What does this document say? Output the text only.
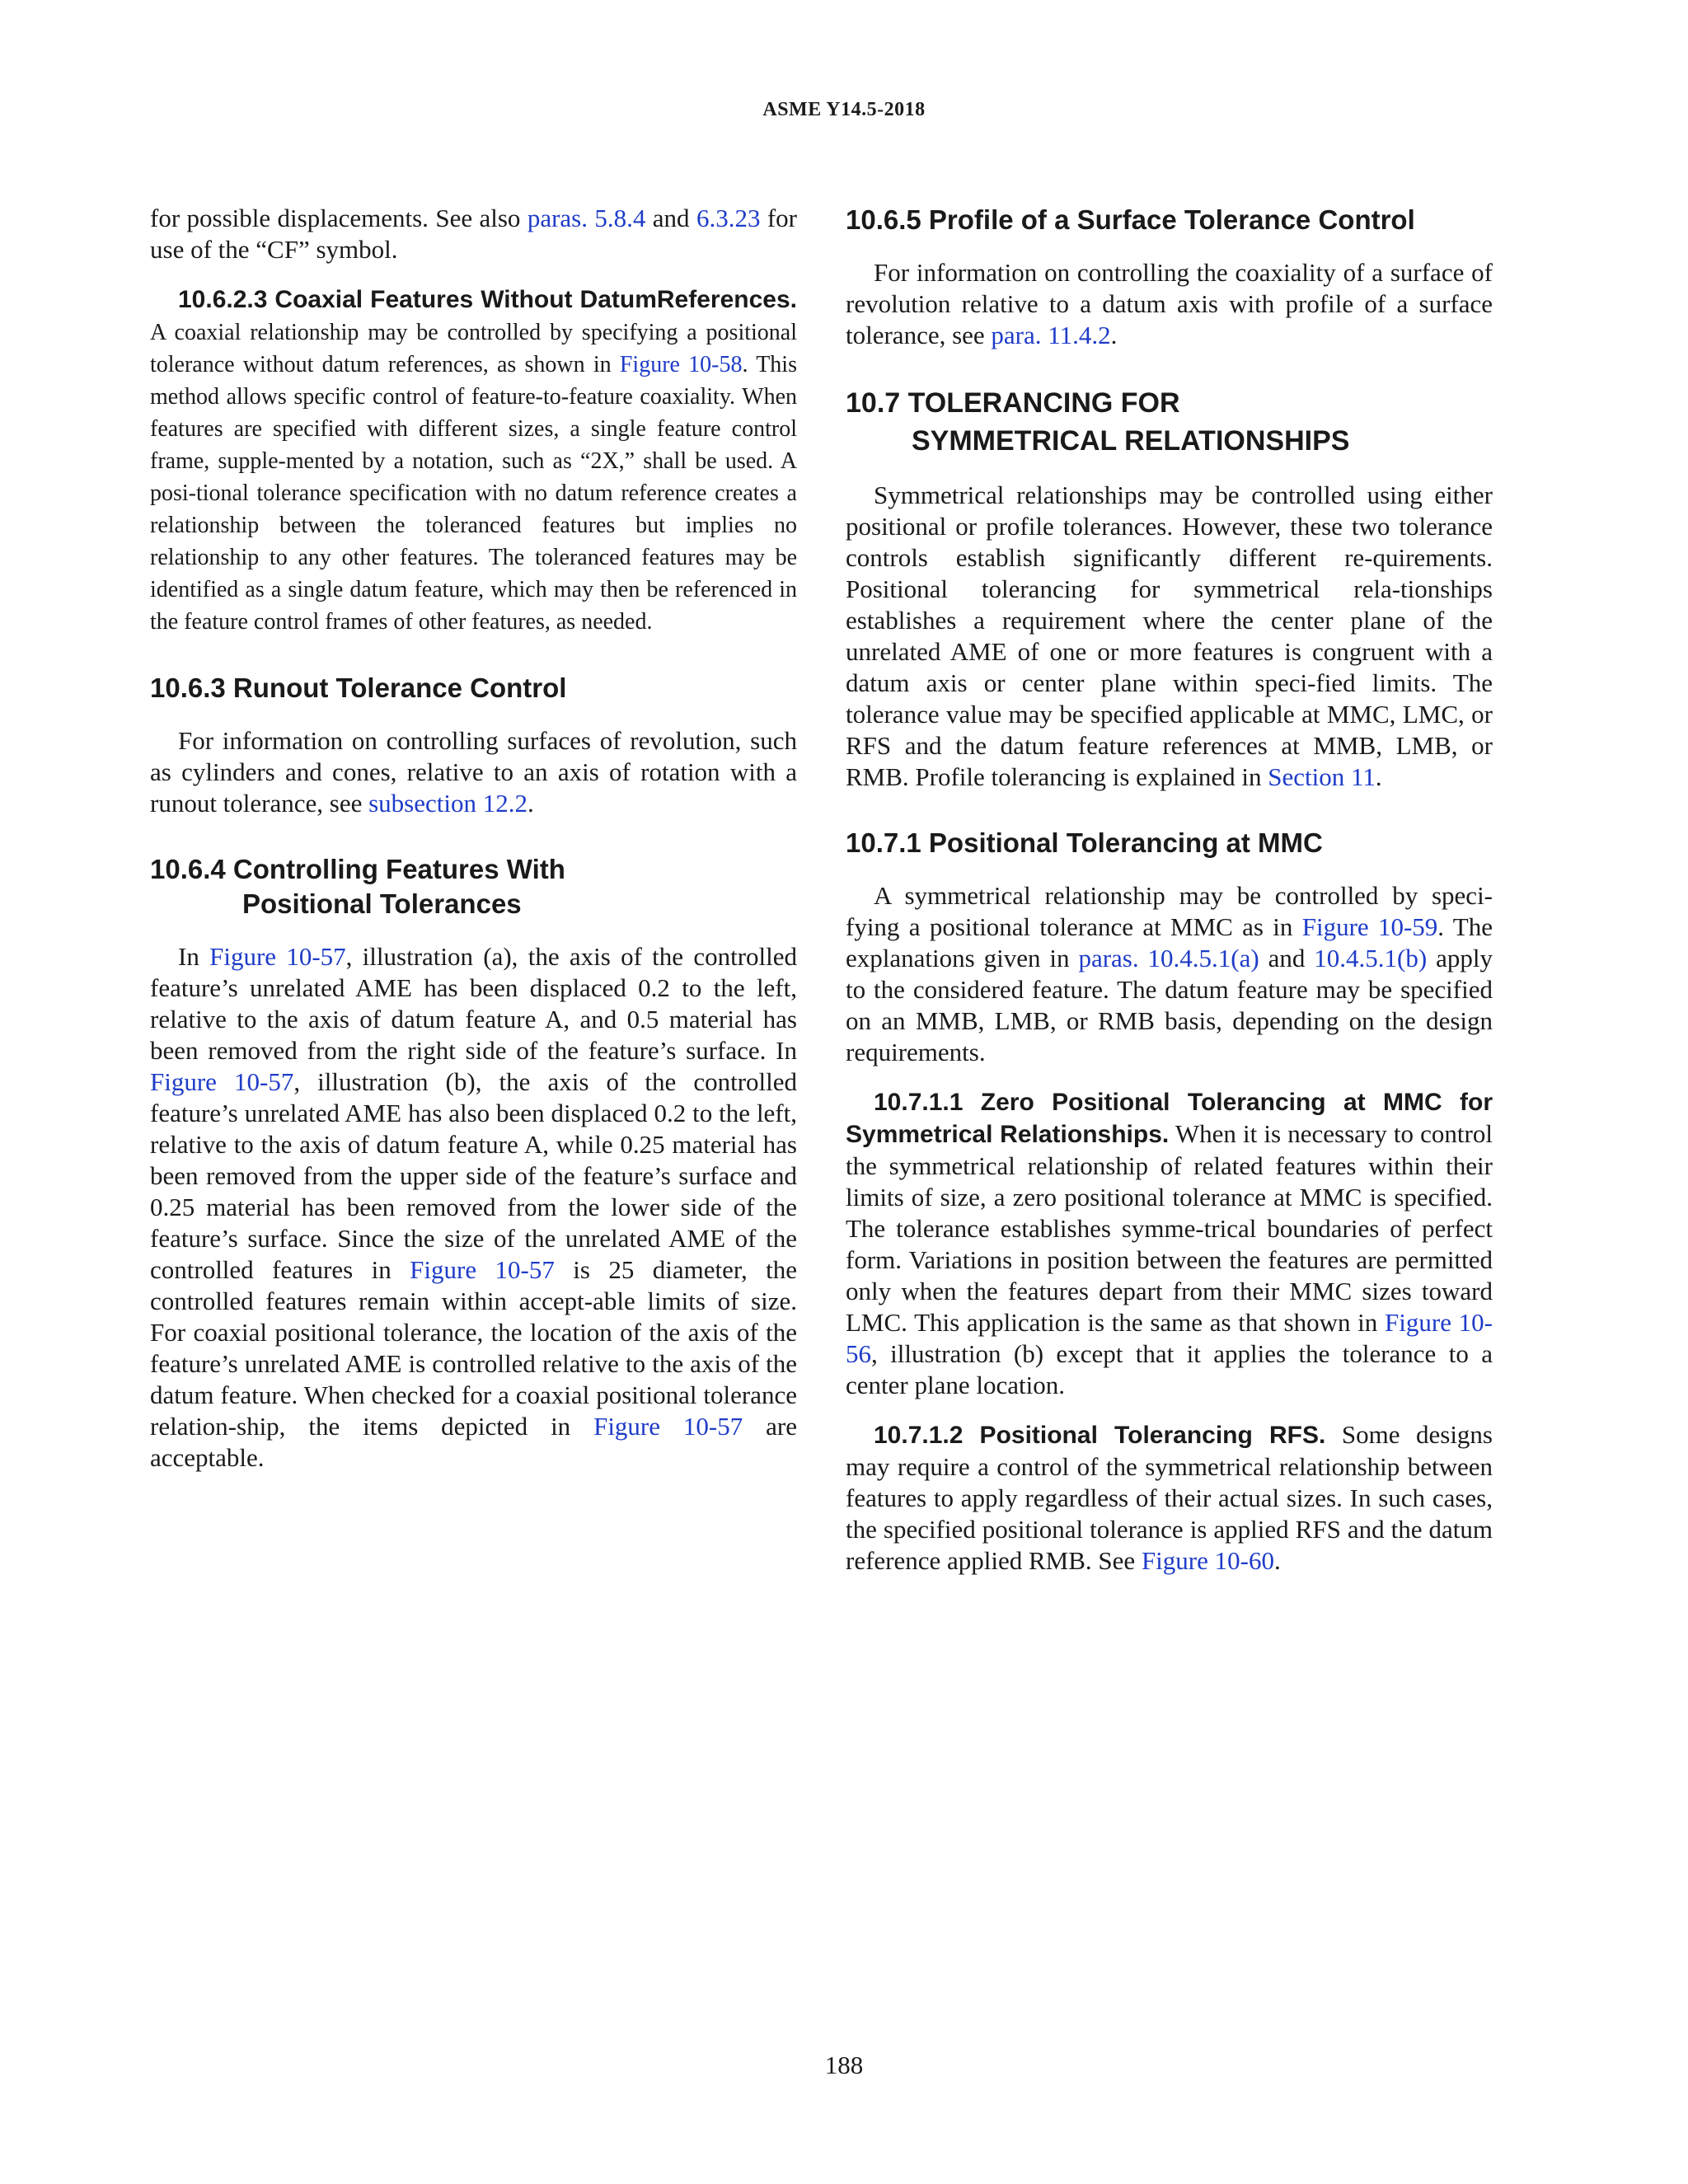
ASME Y14.5-2018

for possible displacements. See also paras. 5.8.4 and 6.3.23 for use of the “CF” symbol.

10.6.2.3 Coaxial Features Without DatumReferences. A coaxial relationship may be controlled by specifying a positional tolerance without datum references, as shown in Figure 10-58. This method allows specific control of feature-to-feature coaxiality. When features are specified with different sizes, a single feature control frame, supple-mented by a notation, such as “2X,” shall be used. A posi-tional tolerance specification with no datum reference creates a relationship between the toleranced features but implies no relationship to any other features. The toleranced features may be identified as a single datum feature, which may then be referenced in the feature control frames of other features, as needed.

10.6.3 Runout Tolerance Control

For information on controlling surfaces of revolution, such as cylinders and cones, relative to an axis of rotation with a runout tolerance, see subsection 12.2.

10.6.4 Controlling Features With
Positional Tolerances

In Figure 10-57, illustration (a), the axis of the controlled feature’s unrelated AME has been displaced 0.2 to the left, relative to the axis of datum feature A, and 0.5 material has been removed from the right side of the feature’s surface. In Figure 10-57, illustration (b), the axis of the controlled feature’s unrelated AME has also been displaced 0.2 to the left, relative to the axis of datum feature A, while 0.25 material has been removed from the upper side of the feature’s surface and 0.25 material has been removed from the lower side of the feature’s surface. Since the size of the unrelated AME of the controlled features in Figure 10-57 is 25 diameter, the controlled features remain within accept-able limits of size. For coaxial positional tolerance, the location of the axis of the feature’s unrelated AME is controlled relative to the axis of the datum feature. When checked for a coaxial positional tolerance relation-ship, the items depicted in Figure 10-57 are acceptable.

10.6.5 Profile of a Surface Tolerance Control

For information on controlling the coaxiality of a surface of revolution relative to a datum axis with profile of a surface tolerance, see para. 11.4.2.

10.7 TOLERANCING FOR
SYMMETRICAL RELATIONSHIPS

Symmetrical relationships may be controlled using either positional or profile tolerances. However, these two tolerance controls establish significantly different re-quirements. Positional tolerancing for symmetrical rela-tionships establishes a requirement where the center plane of the unrelated AME of one or more features is congruent with a datum axis or center plane within speci-fied limits. The tolerance value may be specified applicable at MMC, LMC, or RFS and the datum feature references at MMB, LMB, or RMB. Profile tolerancing is explained in Section 11.

10.7.1 Positional Tolerancing at MMC

A symmetrical relationship may be controlled by speci-fying a positional tolerance at MMC as in Figure 10-59. The explanations given in paras. 10.4.5.1(a) and 10.4.5.1(b) apply to the considered feature. The datum feature may be specified on an MMB, LMB, or RMB basis, depending on the design requirements.

10.7.1.1 Zero Positional Tolerancing at MMC for Symmetrical Relationships. When it is necessary to control the symmetrical relationship of related features within their limits of size, a zero positional tolerance at MMC is specified. The tolerance establishes symme-trical boundaries of perfect form. Variations in position between the features are permitted only when the features depart from their MMC sizes toward LMC. This application is the same as that shown in Figure 10-56, illustration (b) except that it applies the tolerance to a center plane location.

10.7.1.2 Positional Tolerancing RFS. Some designs may require a control of the symmetrical relationship between features to apply regardless of their actual sizes. In such cases, the specified positional tolerance is applied RFS and the datum reference applied RMB. See Figure 10-60.

188
